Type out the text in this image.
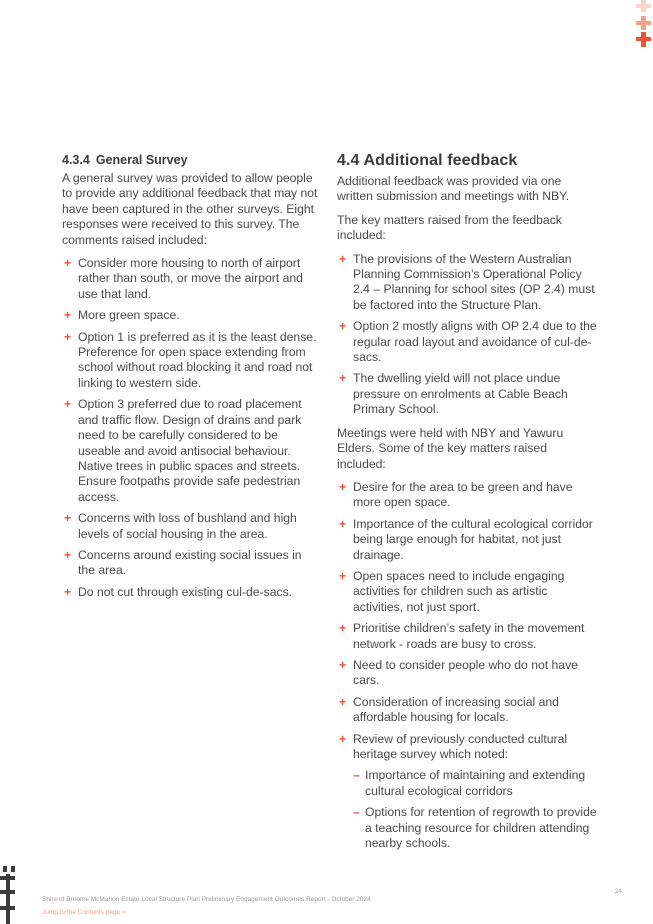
4.3.4 General Survey

A general survey was provided to allow people to provide any additional feedback that may not have been captured in the other surveys. Eight responses were received to this survey. The comments raised included:

+ Consider more housing to north of airport rather than south, or move the airport and use that land.
+ More green space.
+ Option 1 is preferred as it is the least dense. Preference for open space extending from school without road blocking it and road not linking to western side.
+ Option 3 preferred due to road placement and traffic flow. Design of drains and park need to be carefully considered to be useable and avoid antisocial behaviour. Native trees in public spaces and streets. Ensure footpaths provide safe pedestrian access.
+ Concerns with loss of bushland and high levels of social housing in the area.
+ Concerns around existing social issues in the area.
+ Do not cut through existing cul-de-sacs.
4.4 Additional feedback

Additional feedback was provided via one written submission and meetings with NBY.

The key matters raised from the feedback included:

+ The provisions of the Western Australian Planning Commission’s Operational Policy 2.4 – Planning for school sites (OP 2.4) must be factored into the Structure Plan.
+ Option 2 mostly aligns with OP 2.4 due to the regular road layout and avoidance of cul-de-sacs.
+ The dwelling yield will not place undue pressure on enrolments at Cable Beach Primary School.

Meetings were held with NBY and Yawuru Elders. Some of the key matters raised included:

+ Desire for the area to be green and have more open space.
+ Importance of the cultural ecological corridor being large enough for habitat, not just drainage.
+ Open spaces need to include engaging activities for children such as artistic activities, not just sport.
+ Prioritise children’s safety in the movement network - roads are busy to cross.
+ Need to consider people who do not have cars.
+ Consideration of increasing social and affordable housing for locals.
+ Review of previously conducted cultural heritage survey which noted:
– Importance of maintaining and extending cultural ecological corridors
– Options for retention of regrowth to provide a teaching resource for children attending nearby schools.
Shire of Broome McMahon Estate Local Structure Plan Preliminary Engagement Outcomes Report - October 2024
24
Jump to the Contents page >
